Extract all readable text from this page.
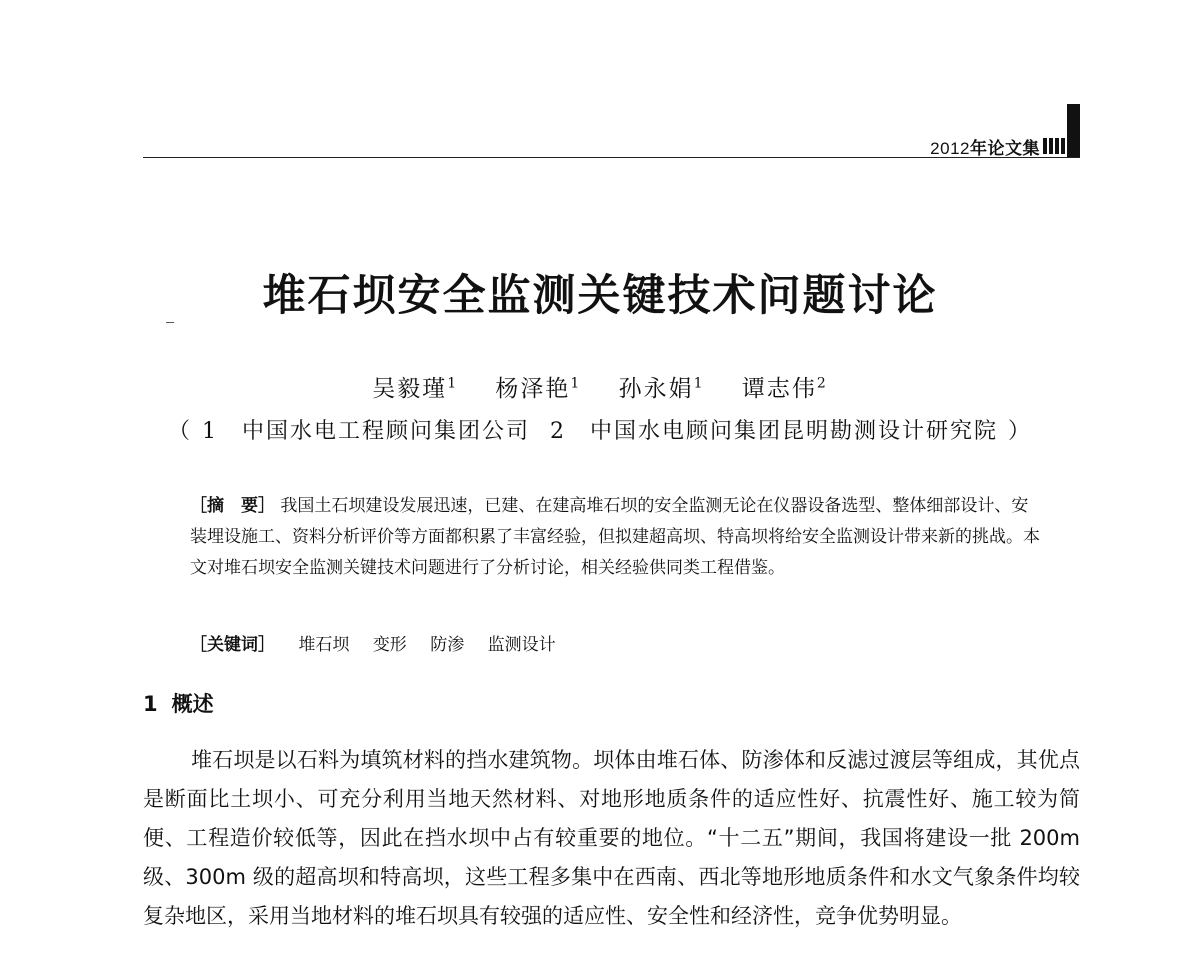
2012年论文集
堆石坝安全监测关键技术问题讨论
吴毅瑾$^1$ 杨泽艳$^1$ 孙永娟$^1$ 谭志伟$^2$
（ 1　 中国水电工程顾问集团公司 2　 中国水电顾问集团昆明勘测设计研究院 ）

［摘　要］ 我国土石坝建设发展迅速，已建、在建高堆石坝的安全监测无论在仪器设备选型、整体细部设计、安装埋设施工、资料分析评价等方面都积累了丰富经验，但拟建超高坝、特高坝将给安全监测设计带来新的挑战。本文对堆石坝安全监测关键技术问题进行了分析讨论，相关经验供同类工程借鉴。

［关键词］ 堆石坝 变形 防渗 监测设计
1 概述

堆石坝是以石料为填筑材料的挡水建筑物。坝体由堆石体、防渗体和反滤过渡层等组成，其优点是断面比土坝小、可充分利用当地天然材料、对地形地质条件的适应性好、抗震性好、施工较为简便、工程造价较低等，因此在挡水坝中占有较重要的地位。“十二五”期间，我国将建设一批 200m 级、300m 级的超高坝和特高坝，这些工程多集中在西南、西北等地形地质条件和水文气象条件均较复杂地区，采用当地材料的堆石坝具有较强的适应性、安全性和经济性，竞争优势明显。
